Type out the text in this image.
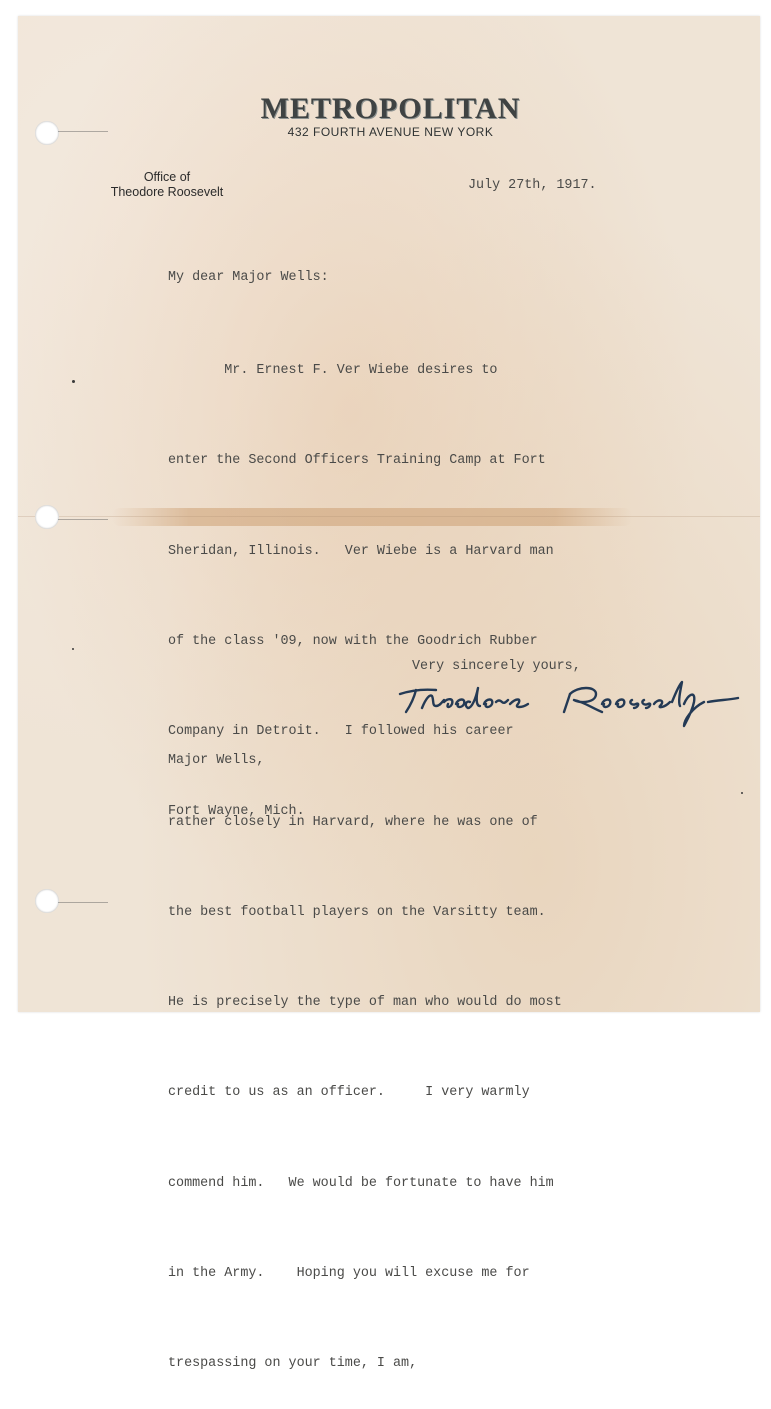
METROPOLITAN
432 FOURTH AVENUE NEW YORK
Office of
Theodore Roosevelt	July 27th, 1917.
My dear Major Wells:

Mr. Ernest F. Ver Wiebe desires to

enter the Second Officers Training Camp at Fort

Sheridan, Illinois.   Ver Wiebe is a Harvard man

of the class '09, now with the Goodrich Rubber

Company in Detroit.   I followed his career

rather closely in Harvard, where he was one of

the best football players on the Varsitty team.

He is precisely the type of man who would do most

credit to us as an officer.     I very warmly

commend him.   We would be fortunate to have him

in the Army.    Hoping you will excuse me for

trespassing on your time, I am,

Very sincerely yours,

Major Wells,

Fort Wayne, Mich.
